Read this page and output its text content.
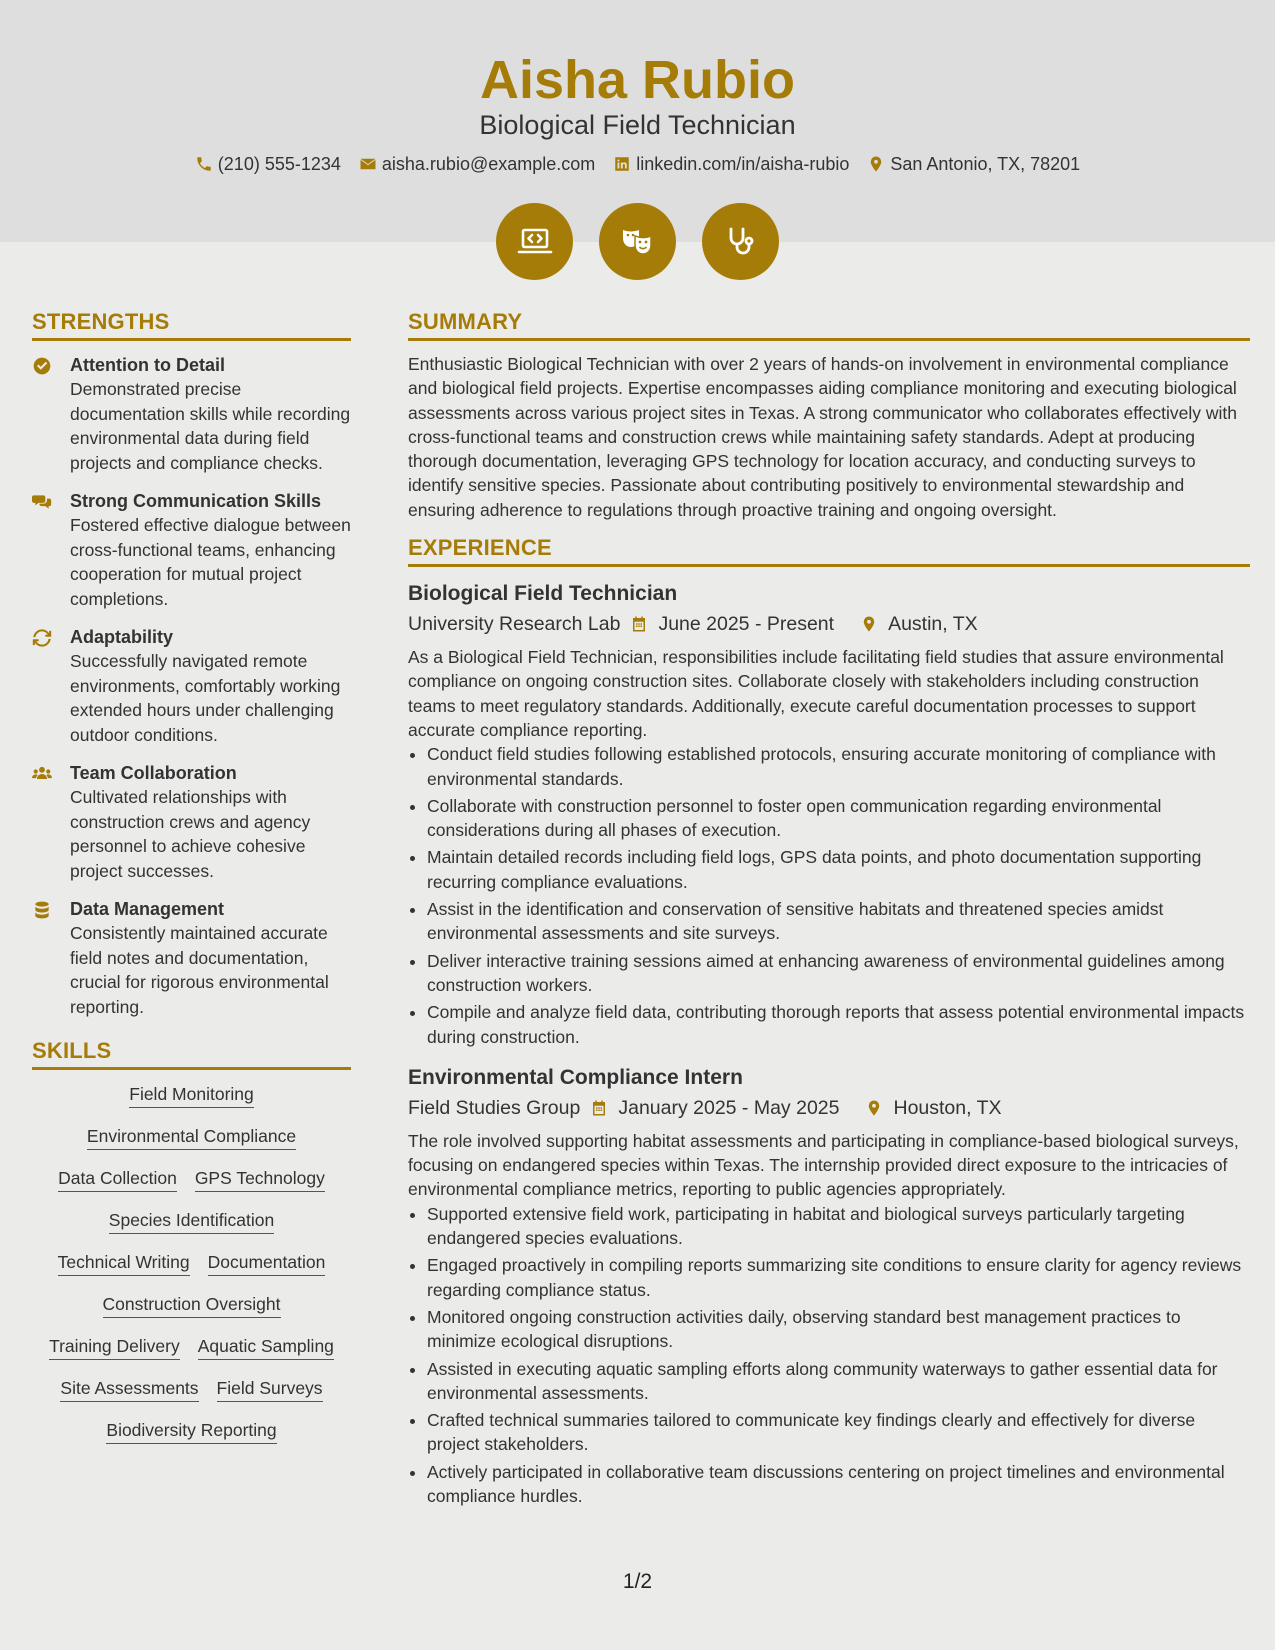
Aisha Rubio
Biological Field Technician
(210) 555-1234 aisha.rubio@example.com linkedin.com/in/aisha-rubio San Antonio, TX, 78201
STRENGTHS
Attention to Detail
Demonstrated precise documentation skills while recording environmental data during field projects and compliance checks.
Strong Communication Skills
Fostered effective dialogue between cross-functional teams, enhancing cooperation for mutual project completions.
Adaptability
Successfully navigated remote environments, comfortably working extended hours under challenging outdoor conditions.
Team Collaboration
Cultivated relationships with construction crews and agency personnel to achieve cohesive project successes.
Data Management
Consistently maintained accurate field notes and documentation, crucial for rigorous environmental reporting.
SKILLS
Field Monitoring
Environmental Compliance
Data Collection GPS Technology
Species Identification
Technical Writing Documentation
Construction Oversight
Training Delivery Aquatic Sampling
Site Assessments Field Surveys
Biodiversity Reporting
SUMMARY
Enthusiastic Biological Technician with over 2 years of hands-on involvement in environmental compliance and biological field projects. Expertise encompasses aiding compliance monitoring and executing biological assessments across various project sites in Texas. A strong communicator who collaborates effectively with cross-functional teams and construction crews while maintaining safety standards. Adept at producing thorough documentation, leveraging GPS technology for location accuracy, and conducting surveys to identify sensitive species. Passionate about contributing positively to environmental stewardship and ensuring adherence to regulations through proactive training and ongoing oversight.
EXPERIENCE
Biological Field Technician
University Research Lab June 2025 - Present	Austin, TX
As a Biological Field Technician, responsibilities include facilitating field studies that assure environmental compliance on ongoing construction sites. Collaborate closely with stakeholders including construction teams to meet regulatory standards. Additionally, execute careful documentation processes to support accurate compliance reporting.
• Conduct field studies following established protocols, ensuring accurate monitoring of compliance with environmental standards.
• Collaborate with construction personnel to foster open communication regarding environmental considerations during all phases of execution.
• Maintain detailed records including field logs, GPS data points, and photo documentation supporting recurring compliance evaluations.
• Assist in the identification and conservation of sensitive habitats and threatened species amidst environmental assessments and site surveys.
• Deliver interactive training sessions aimed at enhancing awareness of environmental guidelines among construction workers.
• Compile and analyze field data, contributing thorough reports that assess potential environmental impacts during construction.
Environmental Compliance Intern
Field Studies Group January 2025 - May 2025	Houston, TX
The role involved supporting habitat assessments and participating in compliance-based biological surveys, focusing on endangered species within Texas. The internship provided direct exposure to the intricacies of environmental compliance metrics, reporting to public agencies appropriately.
• Supported extensive field work, participating in habitat and biological surveys particularly targeting endangered species evaluations.
• Engaged proactively in compiling reports summarizing site conditions to ensure clarity for agency reviews regarding compliance status.
• Monitored ongoing construction activities daily, observing standard best management practices to minimize ecological disruptions.
• Assisted in executing aquatic sampling efforts along community waterways to gather essential data for environmental assessments.
• Crafted technical summaries tailored to communicate key findings clearly and effectively for diverse project stakeholders.
• Actively participated in collaborative team discussions centering on project timelines and environmental compliance hurdles.
1/2
